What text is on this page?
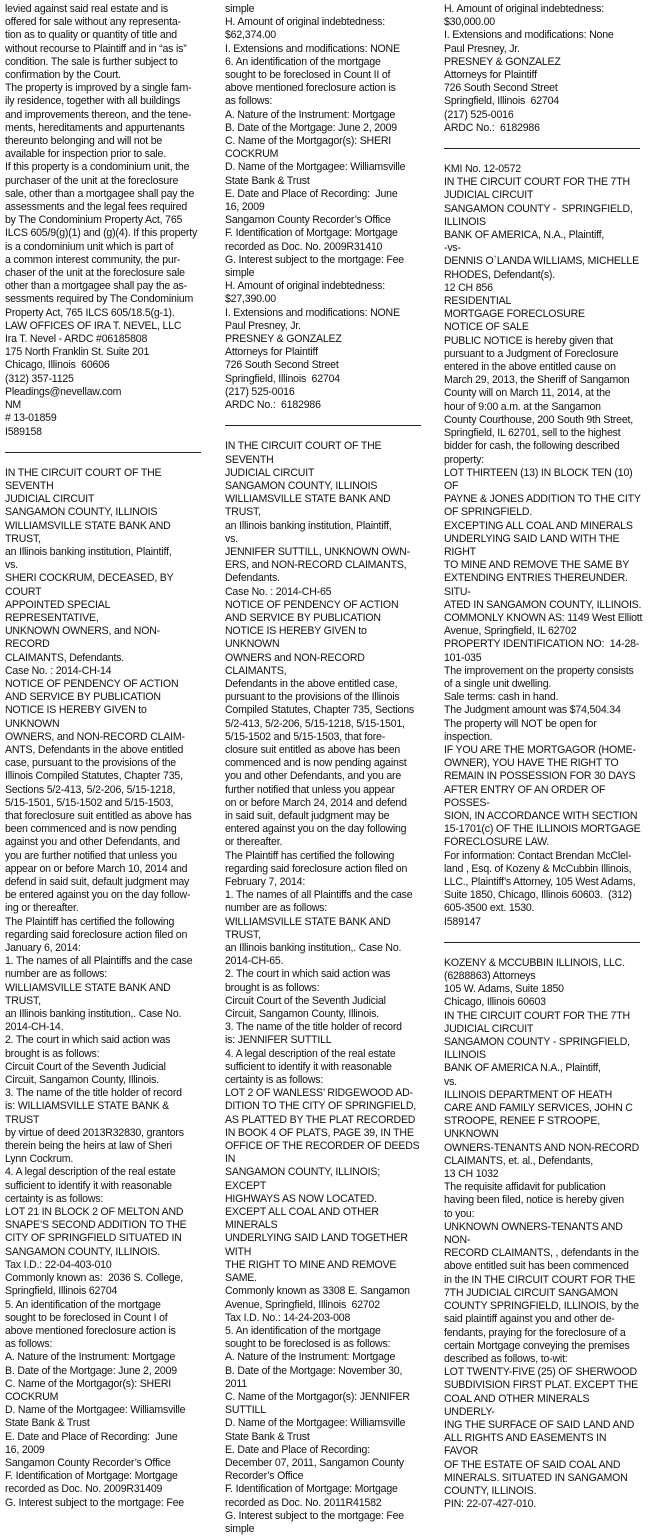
levied against said real estate and is
offered for sale without any representa-
tion as to quality or quantity of title and
without recourse to Plaintiff and in “as is”
condition. The sale is further subject to
confirmation by the Court.
The property is improved by a single fam-
ily residence, together with all buildings
and improvements thereon, and the tene-
ments, hereditaments and appurtenants
thereunto belonging and will not be
available for inspection prior to sale.
If this property is a condominium unit, the
purchaser of the unit at the foreclosure
sale, other than a mortgagee shall pay the
assessments and the legal fees required
by The Condominium Property Act, 765
ILCS 605/9(g)(1) and (g)(4). If this property
is a condominium unit which is part of
a common interest community, the pur-
chaser of the unit at the foreclosure sale
other than a mortgagee shall pay the as-
sessments required by The Condominium
Property Act, 765 ILCS 605/18.5(g-1).
LAW OFFICES OF IRA T. NEVEL, LLC
Ira T. Nevel - ARDC #06185808
175 North Franklin St. Suite 201
Chicago, Illinois  60606
(312) 357-1125
Pleadings@nevellaw.com
NM
# 13-01859
I589158

IN THE CIRCUIT COURT OF THE SEVENTH
JUDICIAL CIRCUIT
SANGAMON COUNTY, ILLINOIS
WILLIAMSVILLE STATE BANK AND TRUST,
an Illinois banking institution, Plaintiff,
vs.
SHERI COCKRUM, DECEASED, BY COURT
APPOINTED SPECIAL REPRESENTATIVE,
UNKNOWN OWNERS, and NON-RECORD
CLAIMANTS, Defendants.
Case No. : 2014-CH-14
NOTICE OF PENDENCY OF ACTION
AND SERVICE BY PUBLICATION
NOTICE IS HEREBY GIVEN to UNKNOWN
OWNERS, and NON-RECORD CLAIM-
ANTS, Defendants in the above entitled
case, pursuant to the provisions of the
Illinois Compiled Statutes, Chapter 735,
Sections 5/2-413, 5/2-206, 5/15-1218,
5/15-1501, 5/15-1502 and 5/15-1503,
that foreclosure suit entitled as above has
been commenced and is now pending
against you and other Defendants, and
you are further notified that unless you
appear on or before March 10, 2014 and
defend in said suit, default judgment may
be entered against you on the day follow-
ing or thereafter.
The Plaintiff has certified the following
regarding said foreclosure action filed on
January 6, 2014:
1. The names of all Plaintiffs and the case
number are as follows:
WILLIAMSVILLE STATE BANK AND TRUST,
an Illinois banking institution,. Case No.
2014-CH-14.
2. The court in which said action was
brought is as follows:
Circuit Court of the Seventh Judicial
Circuit, Sangamon County, Illinois.
3. The name of the title holder of record
is: WILLIAMSVILLE STATE BANK & TRUST
by virtue of deed 2013R32830, grantors
therein being the heirs at law of Sheri
Lynn Cockrum.
4. A legal description of the real estate
sufficient to identify it with reasonable
certainty is as follows:
LOT 21 IN BLOCK 2 OF MELTON AND
SNAPE’S SECOND ADDITION TO THE
CITY OF SPRINGFIELD SITUATED IN
SANGAMON COUNTY, ILLINOIS.
Tax I.D.: 22-04-403-010
Commonly known as:  2036 S. College,
Springfield, Illinois 62704
5. An identification of the mortgage
sought to be foreclosed in Count I of
above mentioned foreclosure action is
as follows:
A. Nature of the Instrument: Mortgage
B. Date of the Mortgage: June 2, 2009
C. Name of the Mortgagor(s): SHERI
COCKRUM
D. Name of the Mortgagee: Williamsville
State Bank & Trust
E. Date and Place of Recording:  June
16, 2009
Sangamon County Recorder’s Office
F. Identification of Mortgage: Mortgage
recorded as Doc. No. 2009R31409
G. Interest subject to the mortgage: Fee

simple
H. Amount of original indebtedness:
$62,374.00
I. Extensions and modifications: NONE
6. An identification of the mortgage
sought to be foreclosed in Count II of
above mentioned foreclosure action is
as follows:
A. Nature of the Instrument: Mortgage
B. Date of the Mortgage: June 2, 2009
C. Name of the Mortgagor(s): SHERI
COCKRUM
D. Name of the Mortgagee: Williamsville
State Bank & Trust
E. Date and Place of Recording:  June
16, 2009
Sangamon County Recorder’s Office
F. Identification of Mortgage: Mortgage
recorded as Doc. No. 2009R31410
G. Interest subject to the mortgage: Fee
simple
H. Amount of original indebtedness:
$27,390.00
I. Extensions and modifications: NONE
Paul Presney, Jr.
PRESNEY & GONZALEZ
Attorneys for Plaintiff
726 South Second Street
Springfield, Illinois  62704
(217) 525-0016
ARDC No.:  6182986

IN THE CIRCUIT COURT OF THE SEVENTH
JUDICIAL CIRCUIT
SANGAMON COUNTY, ILLINOIS
WILLIAMSVILLE STATE BANK AND TRUST,
an Illinois banking institution, Plaintiff,
vs.
JENNIFER SUTTILL, UNKNOWN OWN-
ERS, and NON-RECORD CLAIMANTS,
Defendants.
Case No. : 2014-CH-65
NOTICE OF PENDENCY OF ACTION
AND SERVICE BY PUBLICATION
NOTICE IS HEREBY GIVEN to UNKNOWN
OWNERS and NON-RECORD CLAIMANTS,
Defendants in the above entitled case,
pursuant to the provisions of the Illinois
Compiled Statutes, Chapter 735, Sections
5/2-413, 5/2-206, 5/15-1218, 5/15-1501,
5/15-1502 and 5/15-1503, that fore-
closure suit entitled as above has been
commenced and is now pending against
you and other Defendants, and you are
further notified that unless you appear
on or before March 24, 2014 and defend
in said suit, default judgment may be
entered against you on the day following
or thereafter.
The Plaintiff has certified the following
regarding said foreclosure action filed on
February 7, 2014:
1. The names of all Plaintiffs and the case
number are as follows:
WILLIAMSVILLE STATE BANK AND TRUST,
an Illinois banking institution,. Case No.
2014-CH-65.
2. The court in which said action was
brought is as follows:
Circuit Court of the Seventh Judicial
Circuit, Sangamon County, Illinois.
3. The name of the title holder of record
is: JENNIFER SUTTILL
4. A legal description of the real estate
sufficient to identify it with reasonable
certainty is as follows:
LOT 2 OF WANLESS’ RIDGEWOOD AD-
DITION TO THE CITY OF SPRINGFIELD,
AS PLATTED BY THE PLAT RECORDED
IN BOOK 4 OF PLATS, PAGE 39, IN THE
OFFICE OF THE RECORDER OF DEEDS IN
SANGAMON COUNTY, ILLINOIS; EXCEPT
HIGHWAYS AS NOW LOCATED.
EXCEPT ALL COAL AND OTHER MINERALS
UNDERLYING SAID LAND TOGETHER WITH
THE RIGHT TO MINE AND REMOVE SAME.
Commonly known as 3308 E. Sangamon
Avenue, Springfield, Illinois  62702
Tax I.D. No.: 14-24-203-008
5. An identification of the mortgage
sought to be foreclosed is as follows:
A. Nature of the Instrument: Mortgage
B. Date of the Mortgage: November 30,
2011
C. Name of the Mortgagor(s): JENNIFER
SUTTILL
D. Name of the Mortgagee: Williamsville
State Bank & Trust
E. Date and Place of Recording:
December 07, 2011, Sangamon County
Recorder’s Office
F. Identification of Mortgage: Mortgage
recorded as Doc. No. 2011R41582
G. Interest subject to the mortgage: Fee
simple

H. Amount of original indebtedness:
$30,000.00
I. Extensions and modifications: None
Paul Presney, Jr.
PRESNEY & GONZALEZ
Attorneys for Plaintiff
726 South Second Street
Springfield, Illinois  62704
(217) 525-0016
ARDC No.:  6182986

KMI No. 12-0572
IN THE CIRCUIT COURT FOR THE 7TH
JUDICIAL CIRCUIT
SANGAMON COUNTY -  SPRINGFIELD,
ILLINOIS
BANK OF AMERICA, N.A., Plaintiff,
-vs-
DENNIS O`LANDA WILLIAMS, MICHELLE
RHODES, Defendant(s).
12 CH 856
RESIDENTIAL
MORTGAGE FORECLOSURE
NOTICE OF SALE
PUBLIC NOTICE is hereby given that
pursuant to a Judgment of Foreclosure
entered in the above entitled cause on
March 29, 2013, the Sheriff of Sangamon
County will on March 11, 2014, at the
hour of 9:00 a.m. at the Sangamon
County Courthouse, 200 South 9th Street,
Springfield, IL 62701, sell to the highest
bidder for cash, the following described
property:
LOT THIRTEEN (13) IN BLOCK TEN (10) OF
PAYNE & JONES ADDITION TO THE CITY
OF SPRINGFIELD.
EXCEPTING ALL COAL AND MINERALS
UNDERLYING SAID LAND WITH THE RIGHT
TO MINE AND REMOVE THE SAME BY
EXTENDING ENTRIES THEREUNDER. SITU-
ATED IN SANGAMON COUNTY, ILLINOIS.
COMMONLY KNOWN AS: 1149 West Elliott
Avenue, Springfield, IL 62702
PROPERTY IDENTIFICATION NO:  14-28-
101-035
The improvement on the property consists
of a single unit dwelling.
Sale terms: cash in hand.
The Judgment amount was $74,504.34
The property will NOT be open for
inspection.
IF YOU ARE THE MORTGAGOR (HOME-
OWNER), YOU HAVE THE RIGHT TO
REMAIN IN POSSESSION FOR 30 DAYS
AFTER ENTRY OF AN ORDER OF POSSES-
SION, IN ACCORDANCE WITH SECTION
15-1701(c) OF THE ILLINOIS MORTGAGE
FORECLOSURE LAW.
For information: Contact Brendan McClel-
land , Esq. of Kozeny & McCubbin Illinois,
LLC., Plaintiff’s Attorney, 105 West Adams,
Suite 1850, Chicago, Illinois 60603.  (312)
605-3500 ext. 1530.
I589147

KOZENY & MCCUBBIN ILLINOIS, LLC.
(6288863) Attorneys
105 W. Adams, Suite 1850
Chicago, Illinois 60603
IN THE CIRCUIT COURT FOR THE 7TH
JUDICIAL CIRCUIT
SANGAMON COUNTY - SPRINGFIELD,
ILLINOIS
BANK OF AMERICA N.A., Plaintiff,
vs.
ILLINOIS DEPARTMENT OF HEATH
CARE AND FAMILY SERVICES, JOHN C
STROOPE, RENEE F STROOPE, UNKNOWN
OWNERS-TENANTS AND NON-RECORD
CLAIMANTS, et. al., Defendants,
13 CH 1032
The requisite affidavit for publication
having been filed, notice is hereby given
to you:
UNKNOWN OWNERS-TENANTS AND NON-
RECORD CLAIMANTS, , defendants in the
above entitled suit has been commenced
in the IN THE CIRCUIT COURT FOR THE
7TH JUDICIAL CIRCUIT SANGAMON
COUNTY SPRINGFIELD, ILLINOIS, by the
said plaintiff against you and other de-
fendants, praying for the foreclosure of a
certain Mortgage conveying the premises
described as follows, to-wit:
LOT TWENTY-FIVE (25) OF SHERWOOD
SUBDIVISION FIRST PLAT. EXCEPT THE
COAL AND OTHER MINERALS UNDERLY-
ING THE SURFACE OF SAID LAND AND
ALL RIGHTS AND EASEMENTS IN FAVOR
OF THE ESTATE OF SAID COAL AND
MINERALS. SITUATED IN SANGAMON
COUNTY, ILLINOIS.
PIN: 22-07-427-010.
